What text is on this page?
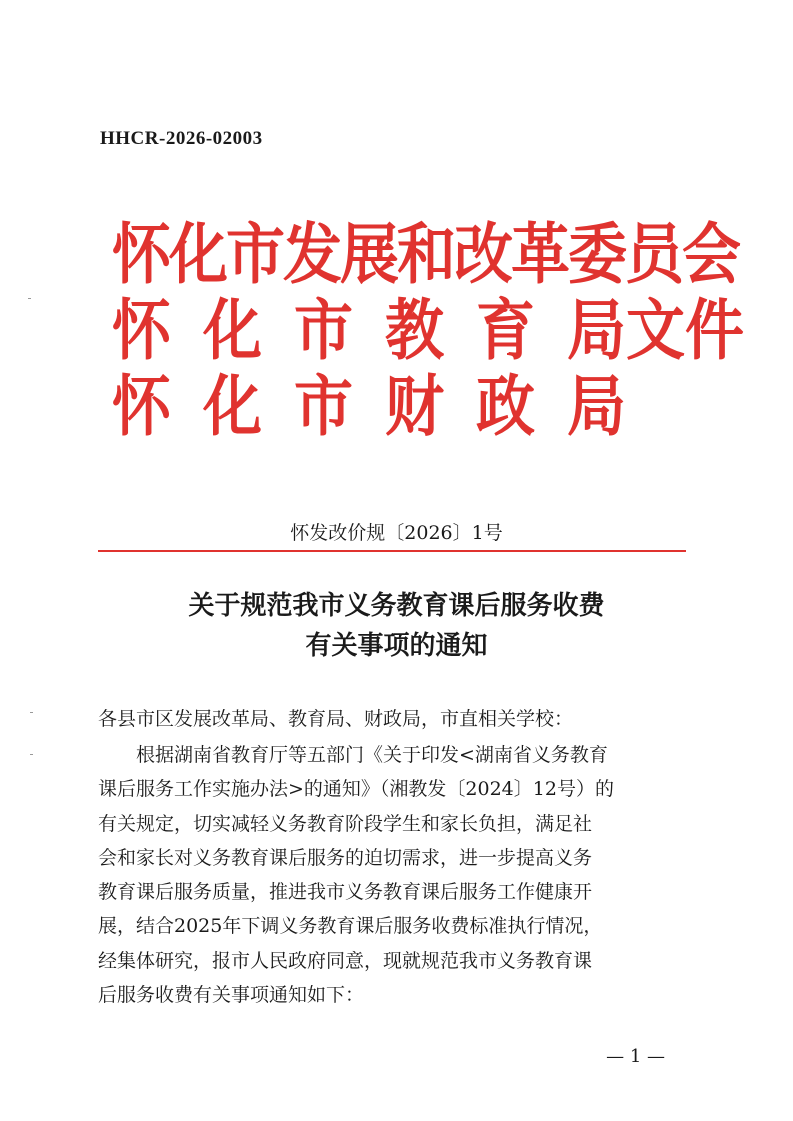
HHCR-2026-02003
怀化市发展和改革委员会
怀化市教育局文件
怀化市财政局
怀发改价规〔2026〕1号
关于规范我市义务教育课后服务收费
有关事项的通知
各县市区发展改革局、教育局、财政局，市直相关学校：
根据湖南省教育厅等五部门《关于印发<湖南省义务教育
课后服务工作实施办法>的通知》（湘教发〔2024〕12号）的
有关规定，切实减轻义务教育阶段学生和家长负担，满足社
会和家长对义务教育课后服务的迫切需求，进一步提高义务
教育课后服务质量，推进我市义务教育课后服务工作健康开
展，结合2025年下调义务教育课后服务收费标准执行情况，
经集体研究，报市人民政府同意，现就规范我市义务教育课
后服务收费有关事项通知如下：
— 1 —
